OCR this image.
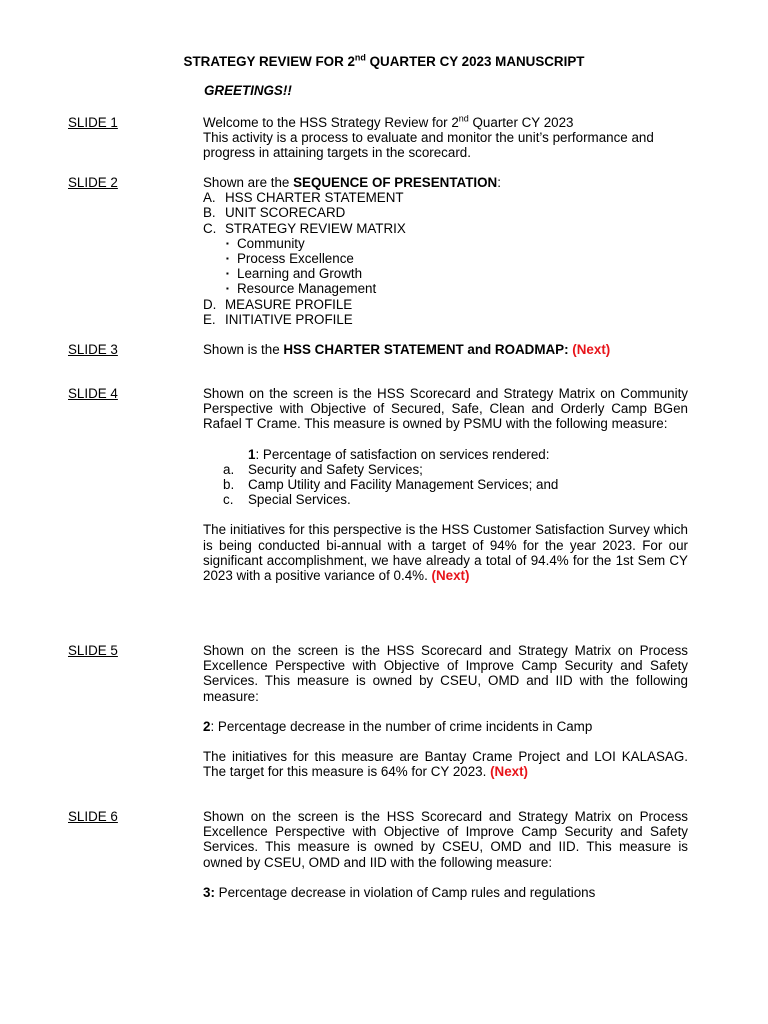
STRATEGY REVIEW FOR 2nd QUARTER CY 2023 MANUSCRIPT
GREETINGS!!
SLIDE 1	Welcome to the HSS Strategy Review for 2nd Quarter CY 2023
This activity is a process to evaluate and monitor the unit’s performance and progress in attaining targets in the scorecard.
SLIDE 2	Shown are the SEQUENCE OF PRESENTATION:
A. HSS CHARTER STATEMENT
B. UNIT SCORECARD
C. STRATEGY REVIEW MATRIX
▪ Community
▪ Process Excellence
▪ Learning and Growth
▪ Resource Management
D. MEASURE PROFILE
E. INITIATIVE PROFILE
SLIDE 3	Shown is the HSS CHARTER STATEMENT and ROADMAP: (Next)
SLIDE 4	Shown on the screen is the HSS Scorecard and Strategy Matrix on Community Perspective with Objective of Secured, Safe, Clean and Orderly Camp BGen Rafael T Crame. This measure is owned by PSMU with the following measure:
1: Percentage of satisfaction on services rendered:
a.	Security and Safety Services;
b.	Camp Utility and Facility Management Services; and
c.	Special Services.
The initiatives for this perspective is the HSS Customer Satisfaction Survey which is being conducted bi-annual with a target of 94% for the year 2023. For our significant accomplishment, we have already a total of 94.4% for the 1st Sem CY 2023 with a positive variance of 0.4%. (Next)
SLIDE 5	Shown on the screen is the HSS Scorecard and Strategy Matrix on Process Excellence Perspective with Objective of Improve Camp Security and Safety Services. This measure is owned by CSEU, OMD and IID with the following measure:
2: Percentage decrease in the number of crime incidents in Camp
The initiatives for this measure are Bantay Crame Project and LOI KALASAG. The target for this measure is 64% for CY 2023. (Next)
SLIDE 6	Shown on the screen is the HSS Scorecard and Strategy Matrix on Process Excellence Perspective with Objective of Improve Camp Security and Safety Services. This measure is owned by CSEU, OMD and IID. This measure is owned by CSEU, OMD and IID with the following measure:
3: Percentage decrease in violation of Camp rules and regulations
